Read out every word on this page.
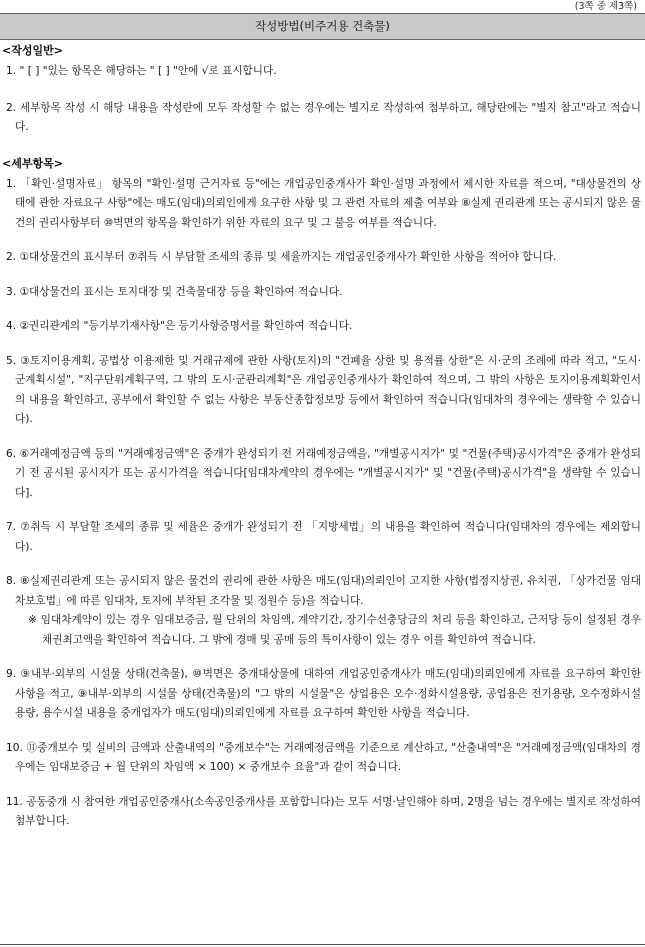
(3쪽 중 제3쪽)
작성방법(비주거용 건축물)
<작성일반>
1. " [ ] "있는 항목은 해당하는 " [ ] "안에 √로 표시합니다.
2. 세부항목 작성 시 해당 내용을 작성란에 모두 작성할 수 없는 경우에는 별지로 작성하여 첨부하고, 해당란에는 "별지 참고"라고 적습니다.
<세부항목>
1. 「확인·설명자료」 항목의 "확인·설명 근거자료 등"에는 개업공인중개사가 확인·설명 과정에서 제시한 자료를 적으며, "대상물건의 상태에 관한 자료요구 사항"에는 매도(임대)의뢰인에게 요구한 사항 및 그 관련 자료의 제출 여부와 ⑧실제 권리관계 또는 공시되지 않은 물건의 권리사항부터 ⑩벽면의 항목을 확인하기 위한 자료의 요구 및 그 불응 여부를 적습니다.
2. ①대상물건의 표시부터 ⑦취득 시 부담할 조세의 종류 및 세율까지는 개업공인중개사가 확인한 사항을 적어야 합니다.
3. ①대상물건의 표시는 토지대장 및 건축물대장 등을 확인하여 적습니다.
4. ②권리관계의 "등기부기재사항"은 등기사항증명서를 확인하여 적습니다.
5. ③토지이용계획, 공법상 이용제한 및 거래규제에 관한 사항(토지)의 "건폐율 상한 및 용적률 상한"은 시·군의 조례에 따라 적고, "도시·군계획시설", "지구단위계획구역, 그 밖의 도시·군관리계획"은 개업공인중개사가 확인하여 적으며, 그 밖의 사항은 토지이용계획확인서의 내용을 확인하고, 공부에서 확인할 수 없는 사항은 부동산종합정보망 등에서 확인하여 적습니다(임대차의 경우에는 생략할 수 있습니다).
6. ⑥거래예정금액 등의 "거래예정금액"은 중개가 완성되기 전 거래예정금액을, "개별공시지가" 및 "건물(주택)공시가격"은 중개가 완성되기 전 공시된 공시지가 또는 공시가격을 적습니다[임대차계약의 경우에는 "개별공시지가" 및 "건물(주택)공시가격"을 생략할 수 있습니다].
7. ⑦취득 시 부담할 조세의 종류 및 세율은 중개가 완성되기 전 「지방세법」의 내용을 확인하여 적습니다(임대차의 경우에는 제외합니다).
8. ⑧실제권리관계 또는 공시되지 않은 물건의 권리에 관한 사항은 매도(임대)의뢰인이 고지한 사항(법정지상권, 유치권, 「상가건물 임대차보호법」에 따른 임대차, 토지에 부착된 조각물 및 정원수 등)을 적습니다.
※ 임대차계약이 있는 경우 임대보증금, 월 단위의 차임액, 계약기간, 장기수선충당금의 처리 등을 확인하고, 근저당 등이 설정된 경우 채권최고액을 확인하여 적습니다. 그 밖에 경매 및 공매 등의 특이사항이 있는 경우 이를 확인하여 적습니다.
9. ⑨내부·외부의 시설물 상태(건축물), ⑩벽면은 중개대상물에 대하여 개업공인중개사가 매도(임대)의뢰인에게 자료를 요구하여 확인한 사항을 적고, ⑨내부·외부의 시설물 상태(건축물)의 "그 밖의 시설물"은 상업용은 오수·정화시설용량, 공업용은 전기용량, 오수정화시설용량, 용수시설 내용을 중개업자가 매도(임대)의뢰인에게 자료를 요구하여 확인한 사항을 적습니다.
10. ⑪중개보수 및 실비의 금액과 산출내역의 "중개보수"는 거래예정금액을 기준으로 계산하고, "산출내역"은 "거래예정금액(임대차의 경우에는 임대보증금 + 월 단위의 차임액 × 100) × 중개보수 요율"과 같이 적습니다.
11. 공동중개 시 참여한 개업공인중개사(소속공인중개사를 포함합니다)는 모두 서명·날인해야 하며, 2명을 넘는 경우에는 별지로 작성하여 첨부합니다.
